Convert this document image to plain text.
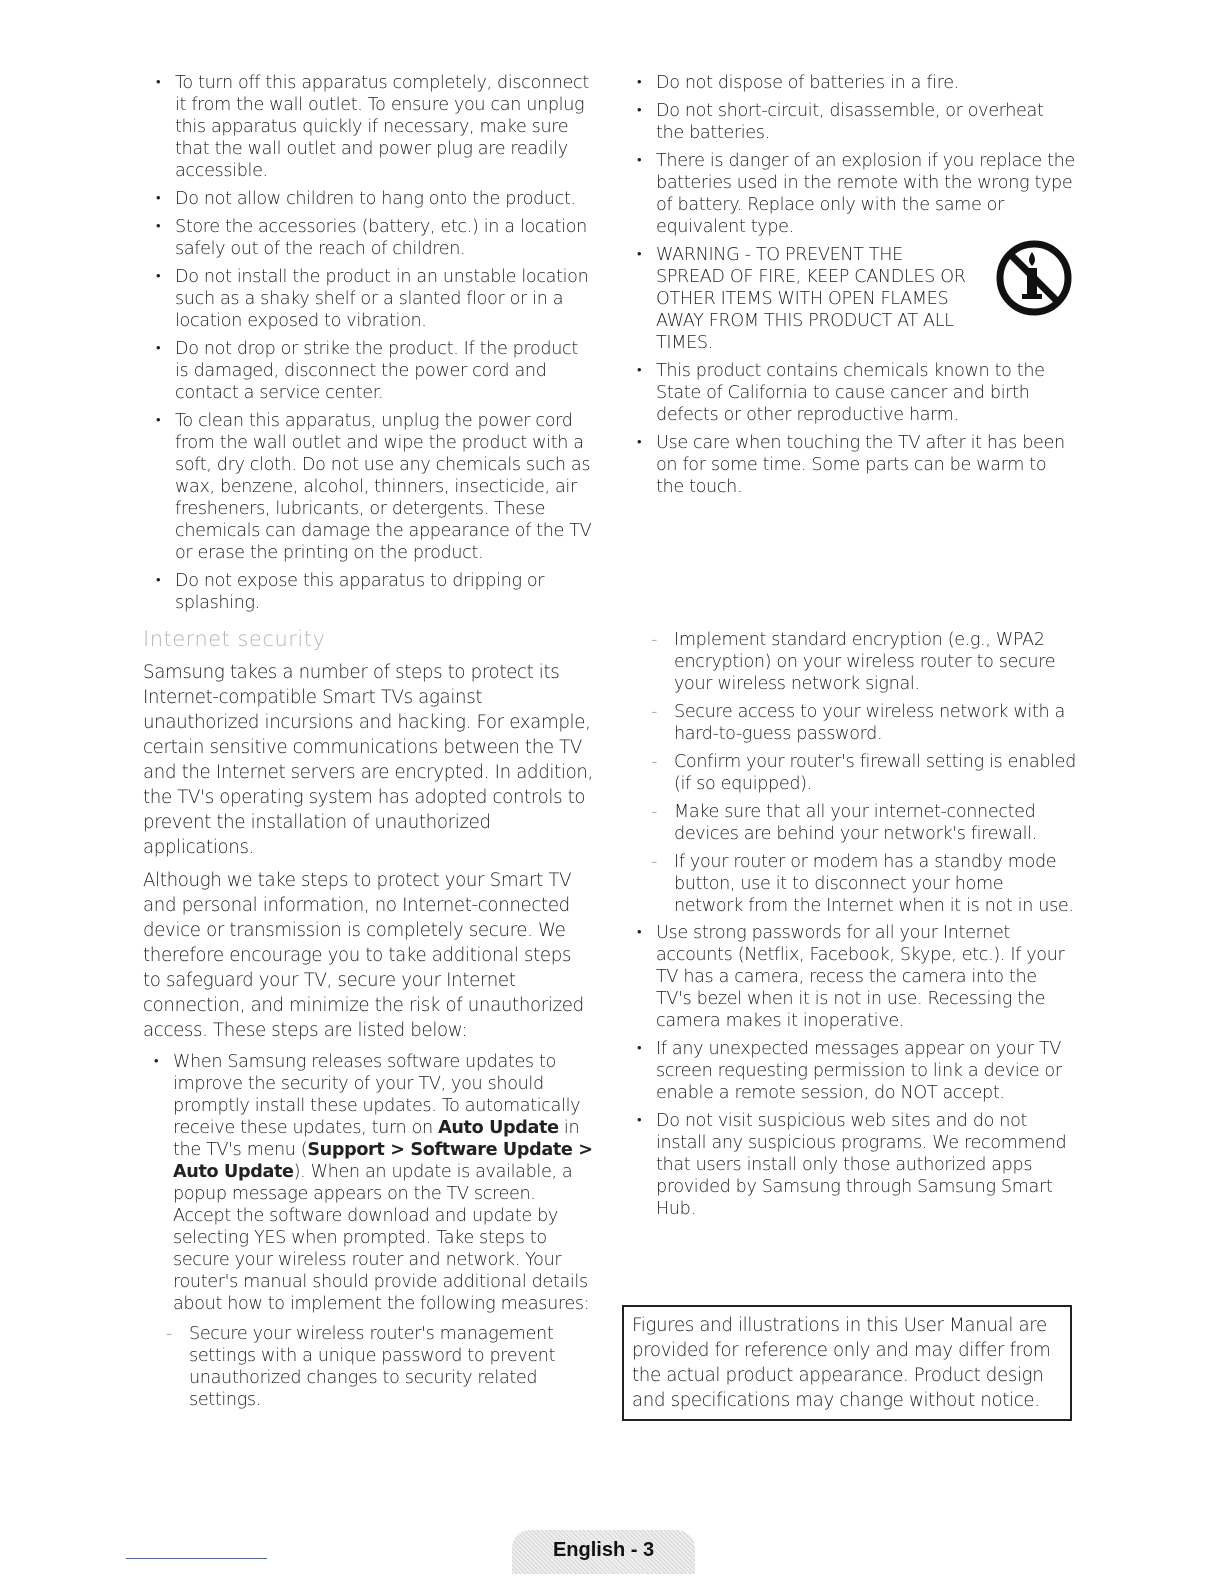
• To turn off this apparatus completely, disconnect it from the wall outlet. To ensure you can unplug this apparatus quickly if necessary, make sure that the wall outlet and power plug are readily accessible.
• Do not allow children to hang onto the product.
• Store the accessories (battery, etc.) in a location safely out of the reach of children.
• Do not install the product in an unstable location such as a shaky shelf or a slanted floor or in a location exposed to vibration.
• Do not drop or strike the product. If the product is damaged, disconnect the power cord and contact a service center.
• To clean this apparatus, unplug the power cord from the wall outlet and wipe the product with a soft, dry cloth. Do not use any chemicals such as wax, benzene, alcohol, thinners, insecticide, air fresheners, lubricants, or detergents. These chemicals can damage the appearance of the TV or erase the printing on the product.
• Do not expose this apparatus to dripping or splashing.
• Do not dispose of batteries in a fire.
• Do not short-circuit, disassemble, or overheat the batteries.
• There is danger of an explosion if you replace the batteries used in the remote with the wrong type of battery. Replace only with the same or equivalent type.
• WARNING - TO PREVENT THE SPREAD OF FIRE, KEEP CANDLES OR OTHER ITEMS WITH OPEN FLAMES AWAY FROM THIS PRODUCT AT ALL TIMES.
• This product contains chemicals known to the State of California to cause cancer and birth defects or other reproductive harm.
• Use care when touching the TV after it has been on for some time. Some parts can be warm to the touch.
Internet security

Samsung takes a number of steps to protect its Internet-compatible Smart TVs against unauthorized incursions and hacking. For example, certain sensitive communications between the TV and the Internet servers are encrypted. In addition, the TV's operating system has adopted controls to prevent the installation of unauthorized applications.

Although we take steps to protect your Smart TV and personal information, no Internet-connected device or transmission is completely secure. We therefore encourage you to take additional steps to safeguard your TV, secure your Internet connection, and minimize the risk of unauthorized access. These steps are listed below:

• When Samsung releases software updates to improve the security of your TV, you should promptly install these updates. To automatically receive these updates, turn on Auto Update in the TV's menu (Support > Software Update > Auto Update). When an update is available, a popup message appears on the TV screen. Accept the software download and update by selecting YES when prompted. Take steps to secure your wireless router and network. Your router's manual should provide additional details about how to implement the following measures:
- Secure your wireless router's management settings with a unique password to prevent unauthorized changes to security related settings.
- Implement standard encryption (e.g., WPA2 encryption) on your wireless router to secure your wireless network signal.
- Secure access to your wireless network with a hard-to-guess password.
- Confirm your router's firewall setting is enabled (if so equipped).
- Make sure that all your internet-connected devices are behind your network's firewall.
- If your router or modem has a standby mode button, use it to disconnect your home network from the Internet when it is not in use.
• Use strong passwords for all your Internet accounts (Netflix, Facebook, Skype, etc.). If your TV has a camera, recess the camera into the TV's bezel when it is not in use. Recessing the camera makes it inoperative.
• If any unexpected messages appear on your TV screen requesting permission to link a device or enable a remote session, do NOT accept.
• Do not visit suspicious web sites and do not install any suspicious programs. We recommend that users install only those authorized apps provided by Samsung through Samsung Smart Hub.
Figures and illustrations in this User Manual are provided for reference only and may differ from the actual product appearance. Product design and specifications may change without notice.
English - 3
